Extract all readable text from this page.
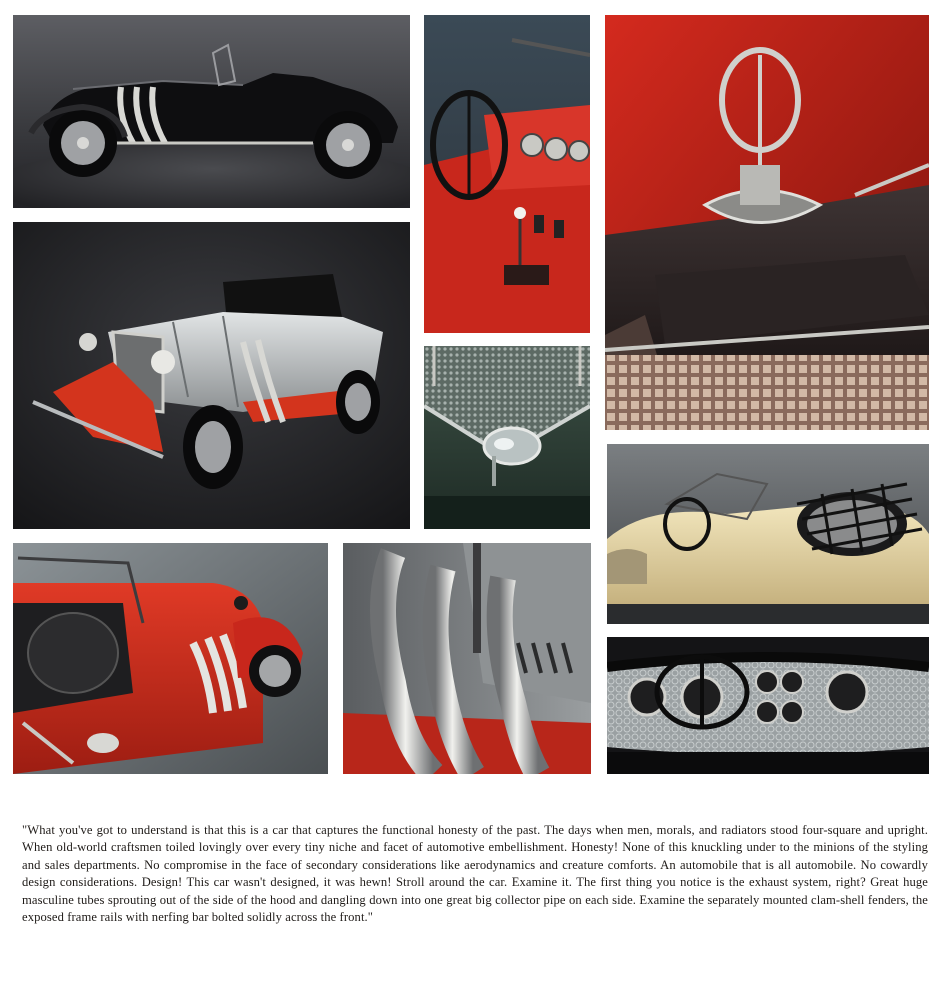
"What you've got to understand is that this is a car that captures the functional honesty of the past. The days when men, morals, and radiators stood four-square and upright. When old-world craftsmen toiled lovingly over every tiny niche and facet of automotive embellishment. Honesty! None of this knuckling under to the minions of the styling and sales departments. No compromise in the face of secondary considerations like aerodynamics and creature comforts. An automobile that is all automobile. No cowardly design considerations. Design! This car wasn't designed, it was hewn! Stroll around the car. Examine it. The first thing you notice is the exhaust system, right? Great huge masculine tubes sprouting out of the side of the hood and dangling down into one great big collector pipe on each side. Examine the separately mounted clam-shell fenders, the exposed frame rails with nerfing bar bolted solidly across the front."
